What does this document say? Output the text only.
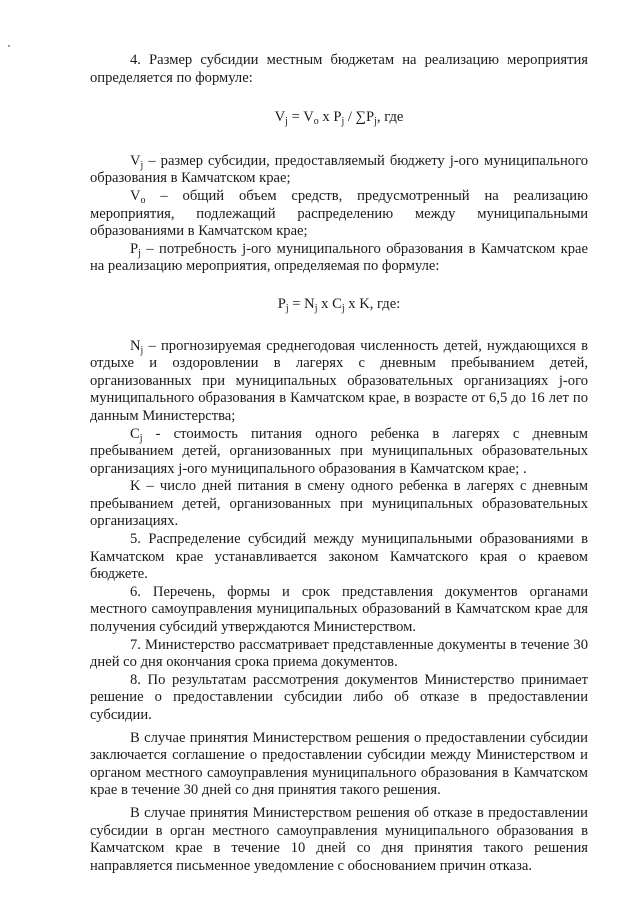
4. Размер субсидии местным бюджетам на реализацию мероприятия определяется по формуле:

$V_j = V_o$ x $P_j / \sum P_j$, где

$V_j$ – размер субсидии, предоставляемый бюджету j-ого муниципального образования в Камчатском крае;

$V_o$ – общий объем средств, предусмотренный на реализацию мероприятия, подлежащий распределению между муниципальными образованиями в Камчатском крае;

$P_j$ – потребность j-ого муниципального образования в Камчатском крае на реализацию мероприятия, определяемая по формуле:

$P_j = N_j$ x $C_j$ x K, где:

$N_j$ – прогнозируемая среднегодовая численность детей, нуждающихся в отдыхе и оздоровлении в лагерях с дневным пребыванием детей, организованных при муниципальных образовательных организациях j-ого муниципального образования в Камчатском крае, в возрасте от 6,5 до 16 лет по данным Министерства;

$C_j$ - стоимость питания одного ребенка в лагерях с дневным пребыванием детей, организованных при муниципальных образовательных организациях j-ого муниципального образования в Камчатском крае; .

K – число дней питания в смену одного ребенка в лагерях с дневным пребыванием детей, организованных при муниципальных образовательных организациях.

5. Распределение субсидий между муниципальными образованиями в Камчатском крае устанавливается законом Камчатского края о краевом бюджете.

6. Перечень, формы и срок представления документов органами местного самоуправления муниципальных образований в Камчатском крае для получения субсидий утверждаются Министерством.

7. Министерство рассматривает представленные документы в течение 30 дней со дня окончания срока приема документов.

8. По результатам рассмотрения документов Министерство принимает решение о предоставлении субсидии либо об отказе в предоставлении субсидии.

В случае принятия Министерством решения о предоставлении субсидии заключается соглашение о предоставлении субсидии между Министерством и органом местного самоуправления муниципального образования в Камчатском крае в течение 30 дней со дня принятия такого решения.

В случае принятия Министерством решения об отказе в предоставлении субсидии в орган местного самоуправления муниципального образования в Камчатском крае в течение 10 дней со дня принятия такого решения направляется письменное уведомление с обоснованием причин отказа.
